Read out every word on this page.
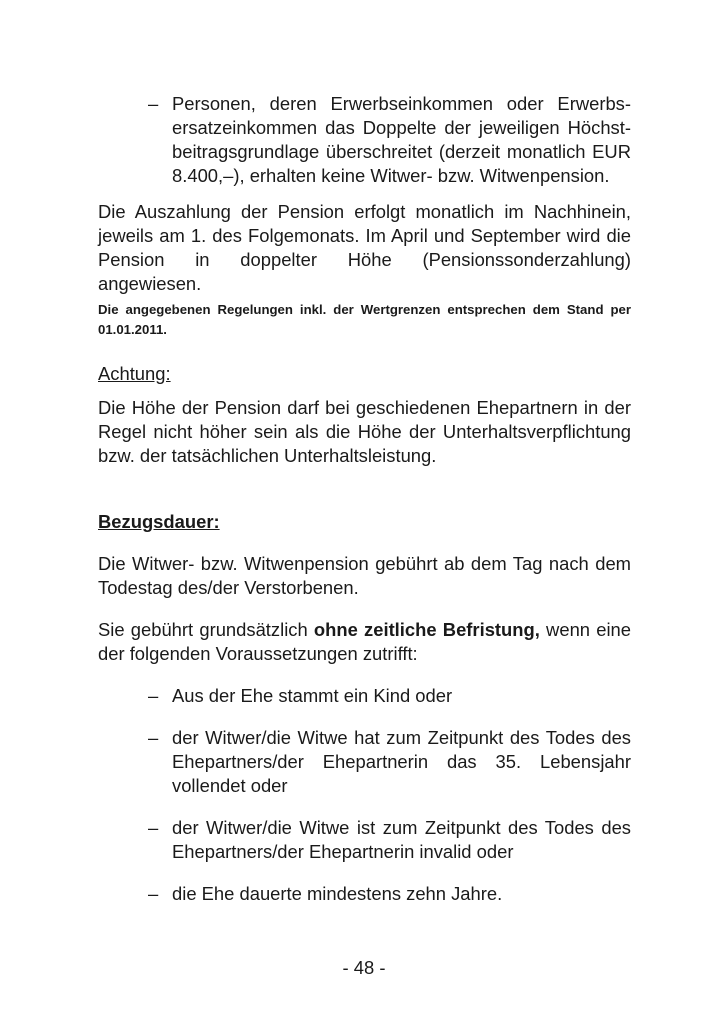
– Personen, deren Erwerbseinkommen oder Erwerbsersatzeinkommen das Doppelte der jeweiligen Höchstbeitragsgrundlage überschreitet (derzeit monatlich EUR 8.400,–), erhalten keine Witwer- bzw. Witwenpension.

Die Auszahlung der Pension erfolgt monatlich im Nachhinein, jeweils am 1. des Folgemonats. Im April und September wird die Pension in doppelter Höhe (Pensionssonderzahlung) angewiesen.

Die angegebenen Regelungen inkl. der Wertgrenzen entsprechen dem Stand per 01.01.2011.

Achtung:

Die Höhe der Pension darf bei geschiedenen Ehepartnern in der Regel nicht höher sein als die Höhe der Unterhaltsverpflichtung bzw. der tatsächlichen Unterhaltsleistung.

Bezugsdauer:

Die Witwer- bzw. Witwenpension gebührt ab dem Tag nach dem Todestag des/der Verstorbenen.

Sie gebührt grundsätzlich ohne zeitliche Befristung, wenn eine der folgenden Voraussetzungen zutrifft:

– Aus der Ehe stammt ein Kind oder
– der Witwer/die Witwe hat zum Zeitpunkt des Todes des Ehepartners/der Ehepartnerin das 35. Lebensjahr vollendet oder
– der Witwer/die Witwe ist zum Zeitpunkt des Todes des Ehepartners/der Ehepartnerin invalid oder
– die Ehe dauerte mindestens zehn Jahre.
- 48 -
